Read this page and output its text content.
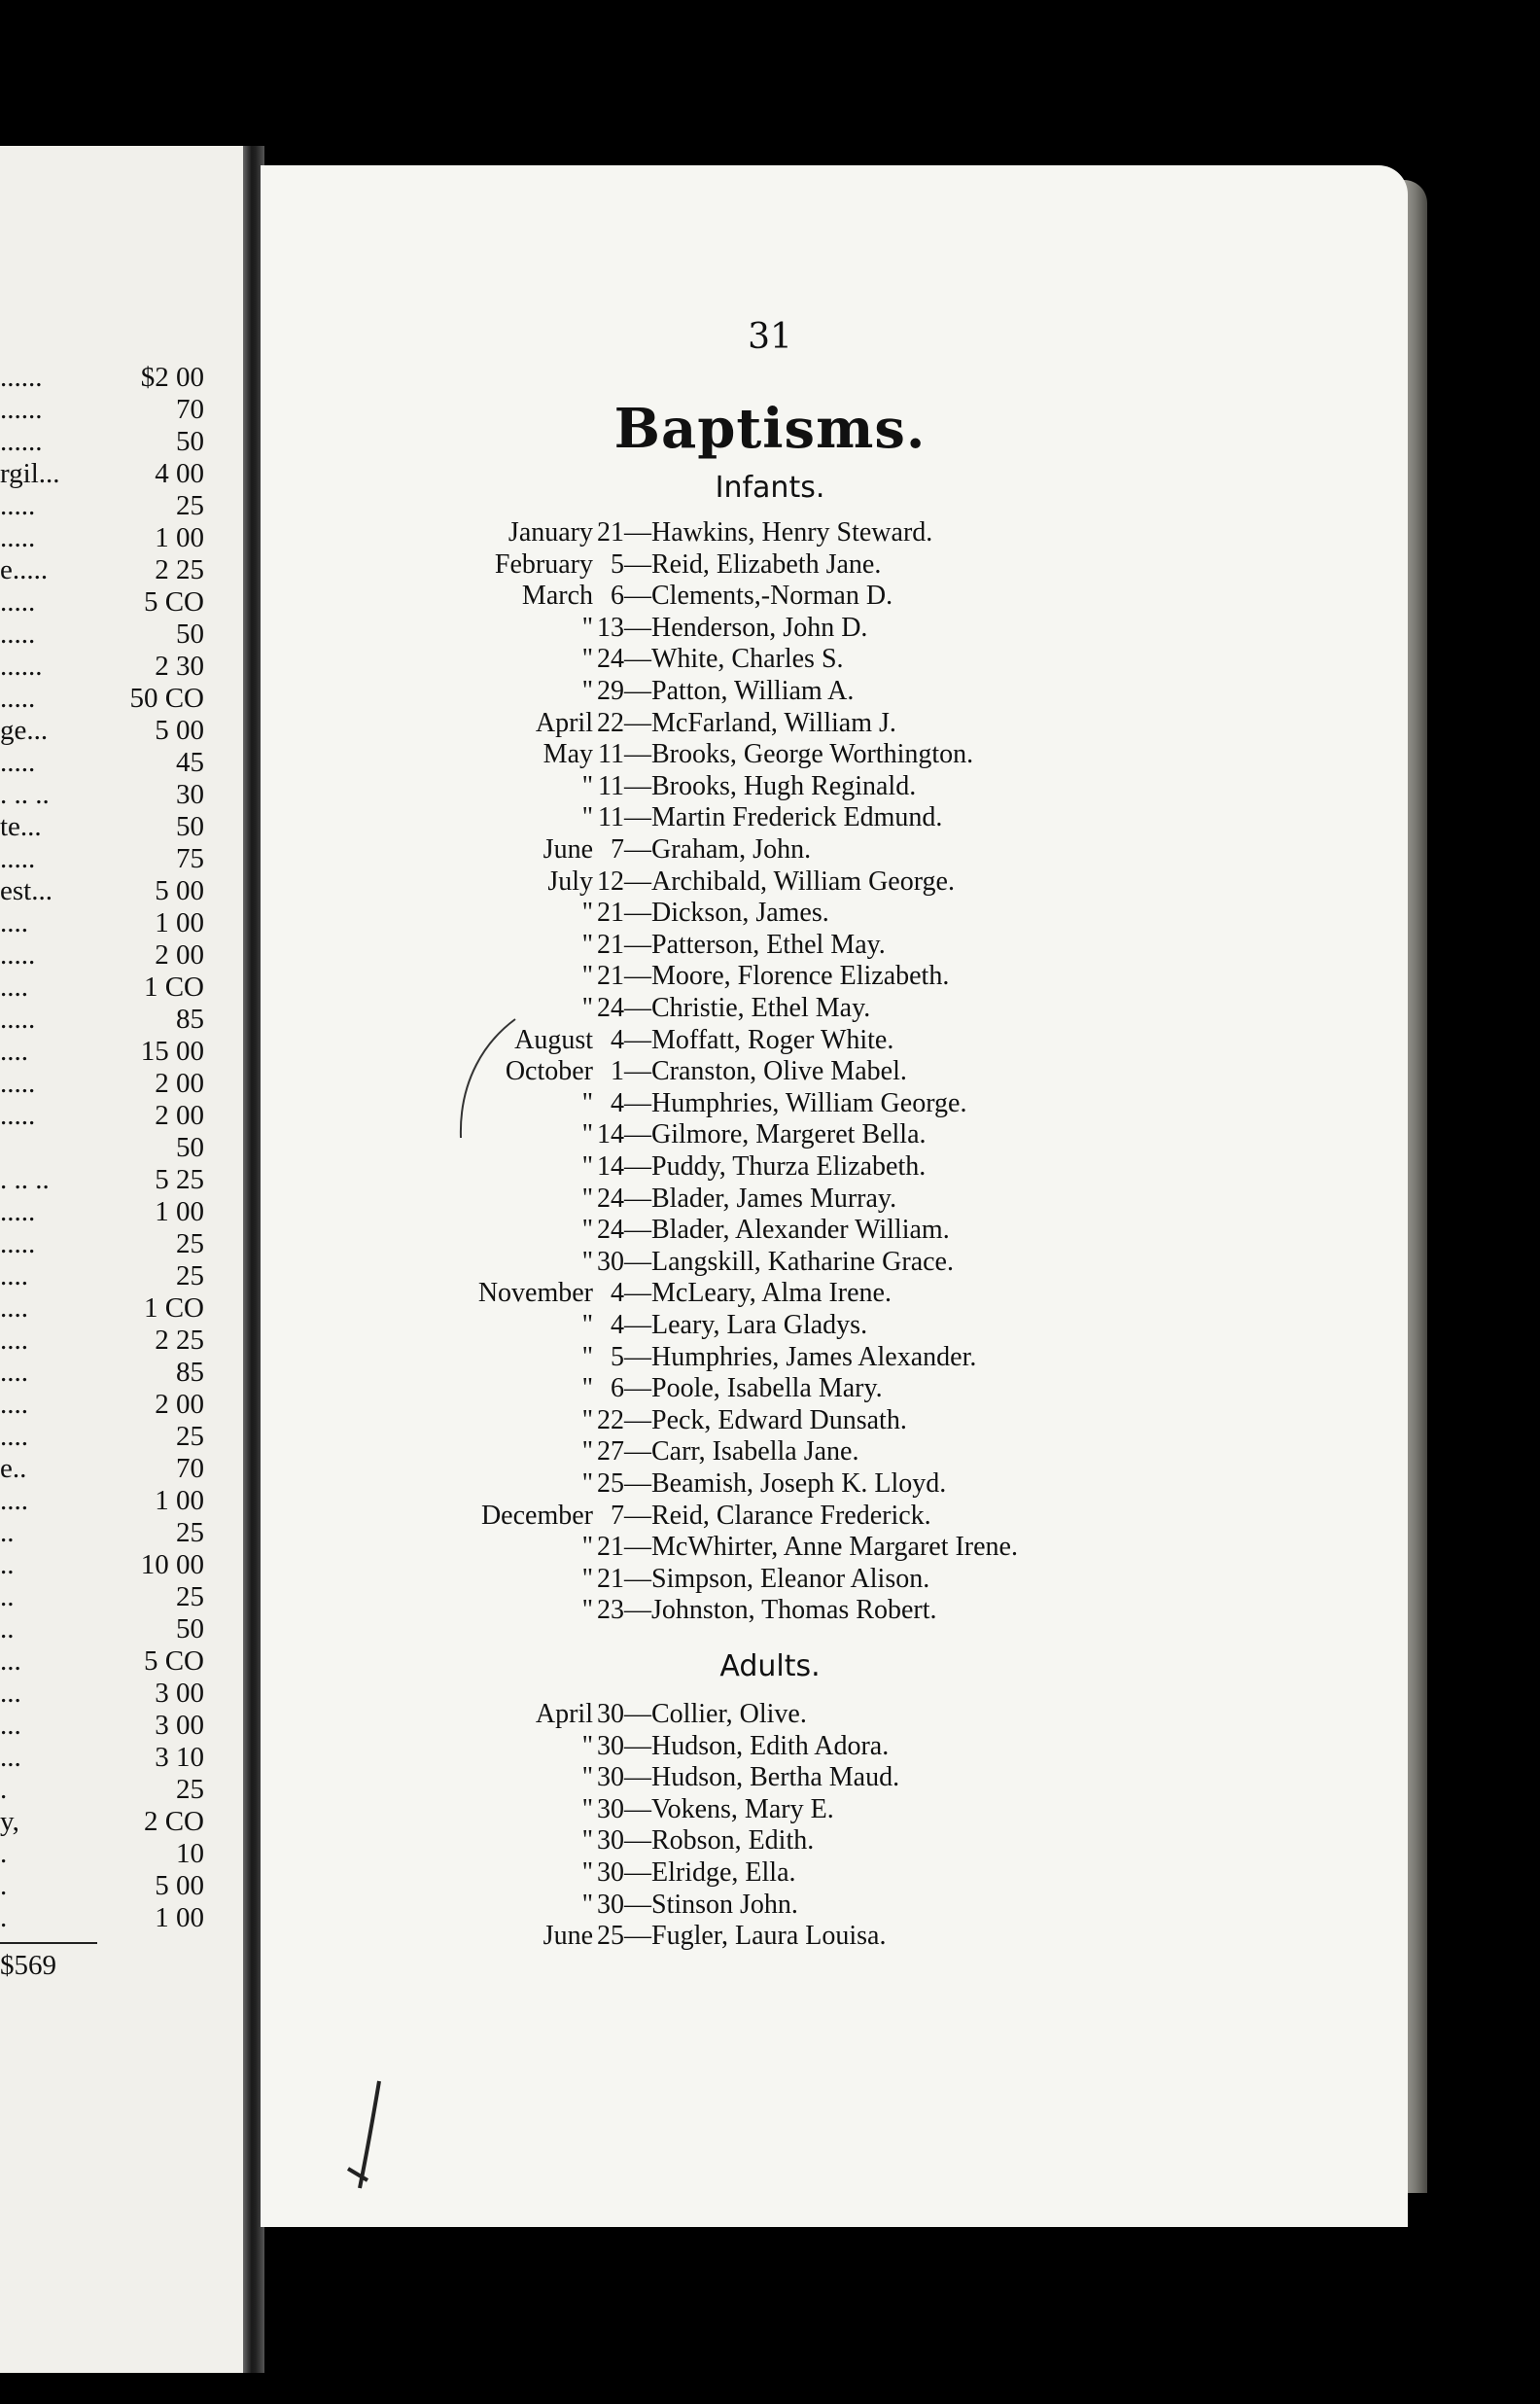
......	$2 00
......	70
......	50
rgil...	4 00
.....	25
.....	1 00
e.....	2 25
.....	5 CO
.....	50
......	2 30
.....	50 CO
ge...	5 00
.....	45
. .. ..	30
te...	50
.....	75
est...	5 00
....	1 00
.....	2 00
....	1 CO
.....	85
....	15 00
.....	2 00
.....	2 00
50
. .. ..	5 25
.....	1 00
.....	25
....	25
....	1 CO
....	2 25
....	85
....	2 00
....	25
e..	70
....	1 00
..	25
..	10 00
..	25
..	50
...	5 CO
...	3 00
...	3 00
...	3 10
.	25
y,	2 CO
.	10
.	5 00
.	1 00
$569
31
Baptisms.
Infants.
Adults.
January 21 —Hawkins, Henry Steward.
February 5 —Reid, Elizabeth Jane.
March 6 —Clements,-Norman D.
" 13 —Henderson, John D.
" 24 —White, Charles S.
" 29 —Patton, William A.
April 22 —McFarland, William J.
May 11 —Brooks, George Worthington.
" 11 —Brooks, Hugh Reginald.
" 11 —Martin Frederick Edmund.
June 7 —Graham, John.
July 12 —Archibald, William George.
" 21 —Dickson, James.
" 21 —Patterson, Ethel May.
" 21 —Moore, Florence Elizabeth.
" 24 —Christie, Ethel May.
August 4 —Moffatt, Roger White.
October 1 —Cranston, Olive Mabel.
" 4 —Humphries, William George.
" 14 —Gilmore, Margeret Bella.
" 14 —Puddy, Thurza Elizabeth.
" 24 —Blader, James Murray.
" 24 —Blader, Alexander William.
" 30 —Langskill, Katharine Grace.
November 4 —McLeary, Alma Irene.
" 4 —Leary, Lara Gladys.
" 5 —Humphries, James Alexander.
" 6 —Poole, Isabella Mary.
" 22 —Peck, Edward Dunsath.
" 27 —Carr, Isabella Jane.
" 25 —Beamish, Joseph K. Lloyd.
December 7 —Reid, Clarance Frederick.
" 21 —McWhirter, Anne Margaret Irene.
" 21 —Simpson, Eleanor Alison.
" 23 —Johnston, Thomas Robert.
April 30 —Collier, Olive.
" 30 —Hudson, Edith Adora.
" 30 —Hudson, Bertha Maud.
" 30 —Vokens, Mary E.
" 30 —Robson, Edith.
" 30 —Elridge, Ella.
" 30 —Stinson John.
June 25 —Fugler, Laura Louisa.
